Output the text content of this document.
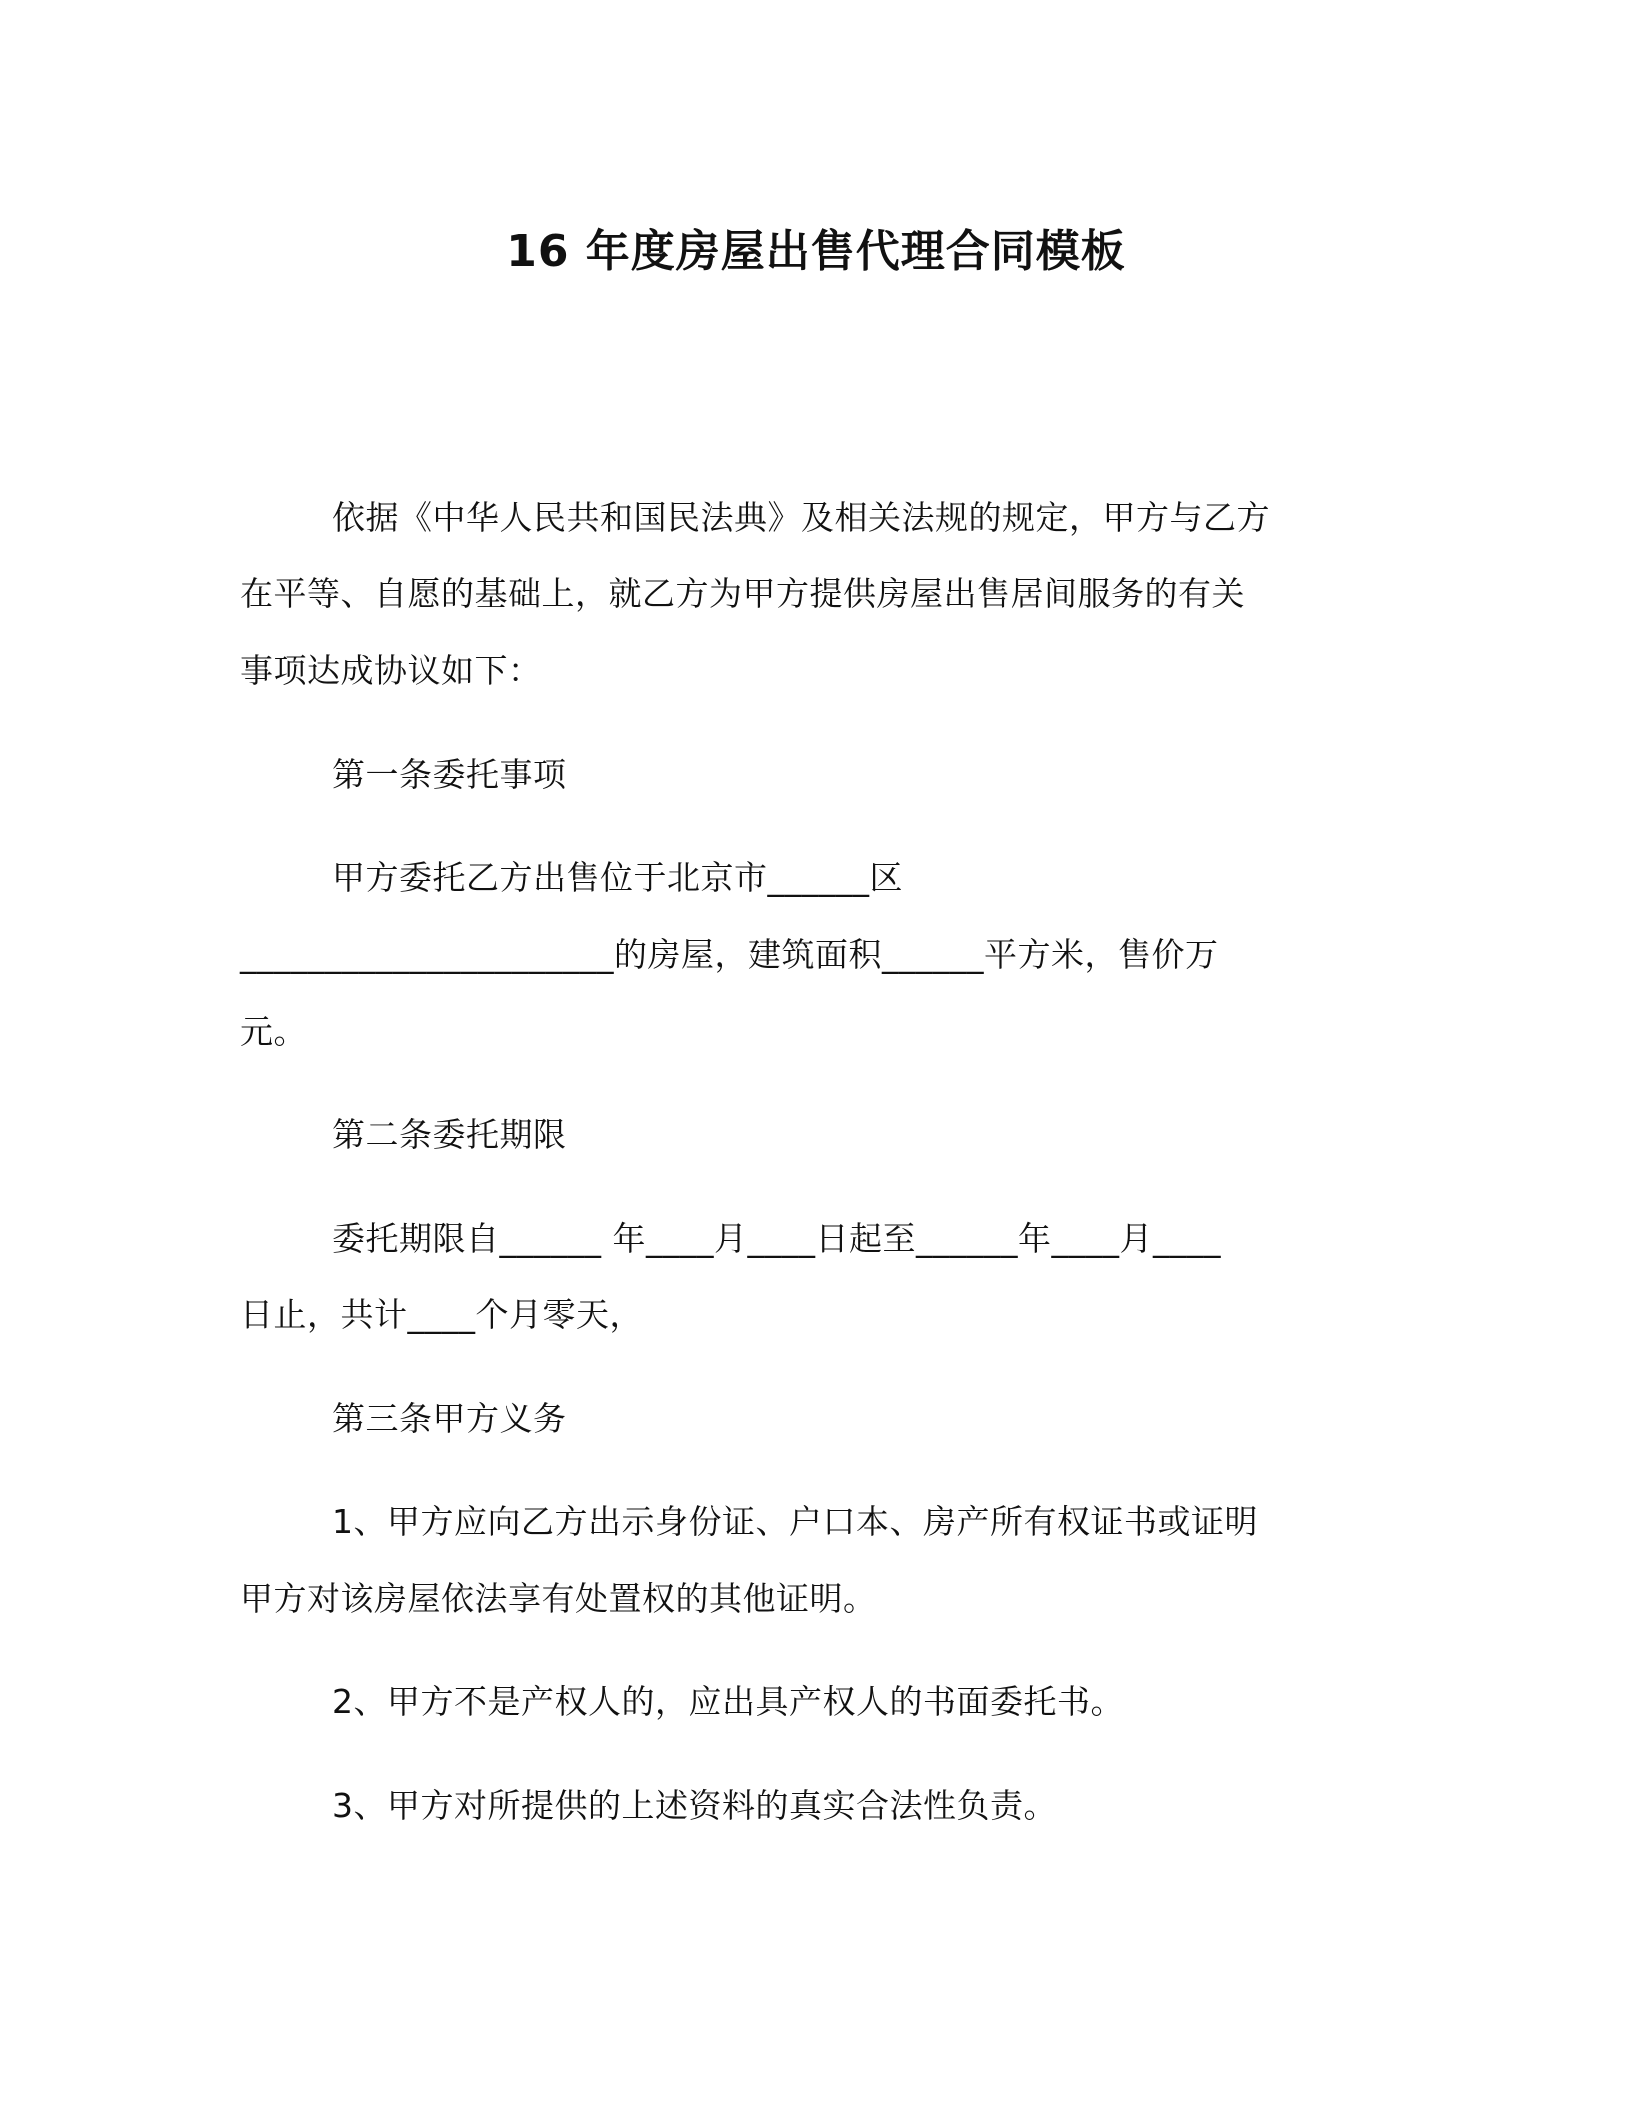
16 年度房屋出售代理合同模板
依据《中华人民共和国民法典》及相关法规的规定，甲方与乙方
在平等、自愿的基础上，就乙方为甲方提供房屋出售居间服务的有关
事项达成协议如下：
第一条委托事项
甲方委托乙方出售位于北京市______区
______________________的房屋，建筑面积______平方米，售价万
元。
第二条委托期限
委托期限自______ 年____月____日起至______年____月____
日止，共计____个月零天，
第三条甲方义务
1、甲方应向乙方出示身份证、户口本、房产所有权证书或证明
甲方对该房屋依法享有处置权的其他证明。
2、甲方不是产权人的，应出具产权人的书面委托书。
3、甲方对所提供的上述资料的真实合法性负责。
